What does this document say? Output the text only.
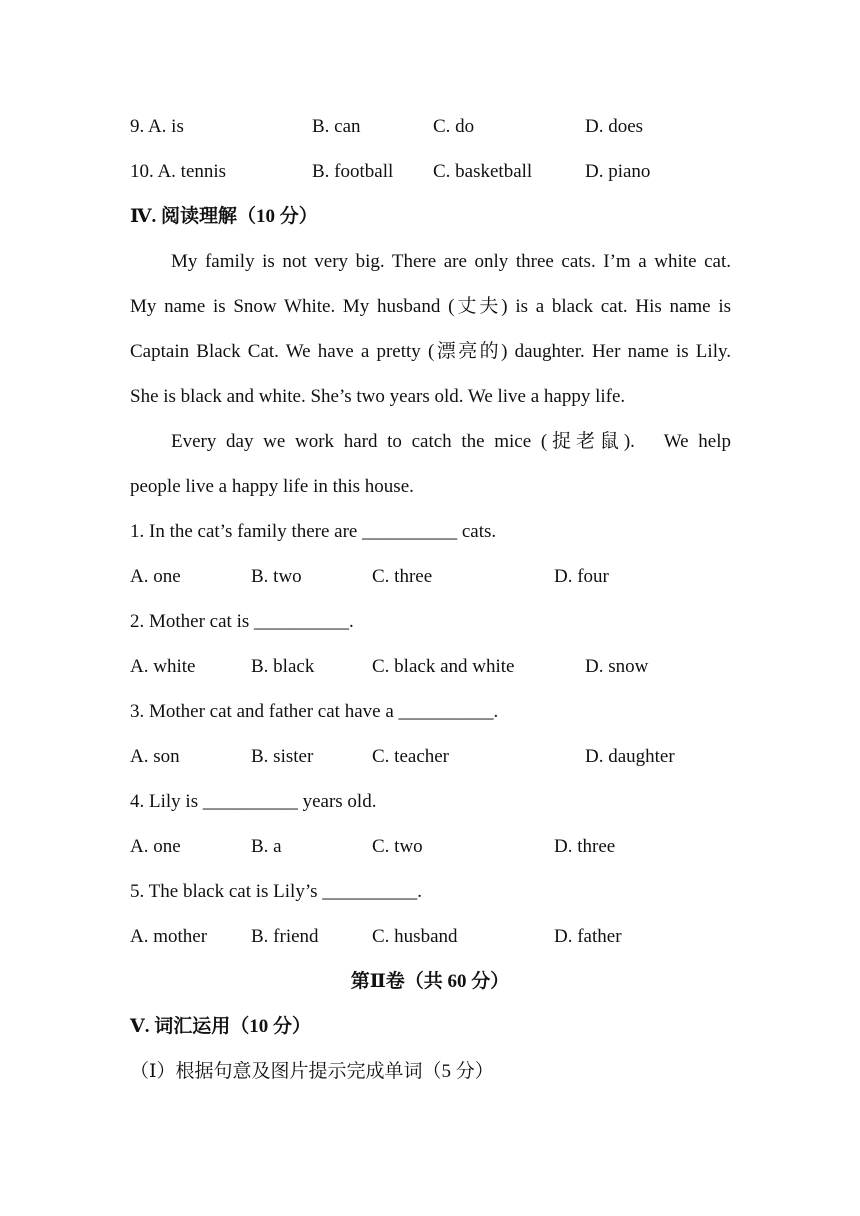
9. A. is	B. can	C. do	D. does
10. A. tennis	B. football C. basketball	D. piano
Ⅳ. 阅读理解（10 分）
My family is not very big. There are only three cats. I’m a white cat.
My name is Snow White. My husband (丈夫) is a black cat. His name is
Captain Black Cat. We have a pretty (漂亮的) daughter. Her name is Lily.
She is black and white. She’s two years old. We live a happy life.
Every day we work hard to catch the mice (捉老鼠).　We help
people live a happy life in this house.
1. In the cat’s family there are __________ cats.
A. one	B. two	C. three	D. four
2. Mother cat is __________.
A. white	B. black	C. black and white	D. snow
3. Mother cat and father cat have a __________.
A. son	B. sister	C. teacher	D. daughter
4. Lily is __________ years old.
A. one	B. a	C. two	D. three
5. The black cat is Lily’s __________.
A. mother B. friend	C. husband	D. father
第Ⅱ卷（共 60 分）
Ⅴ. 词汇运用（10 分）
（Ⅰ）根据句意及图片提示完成单词（5 分）
